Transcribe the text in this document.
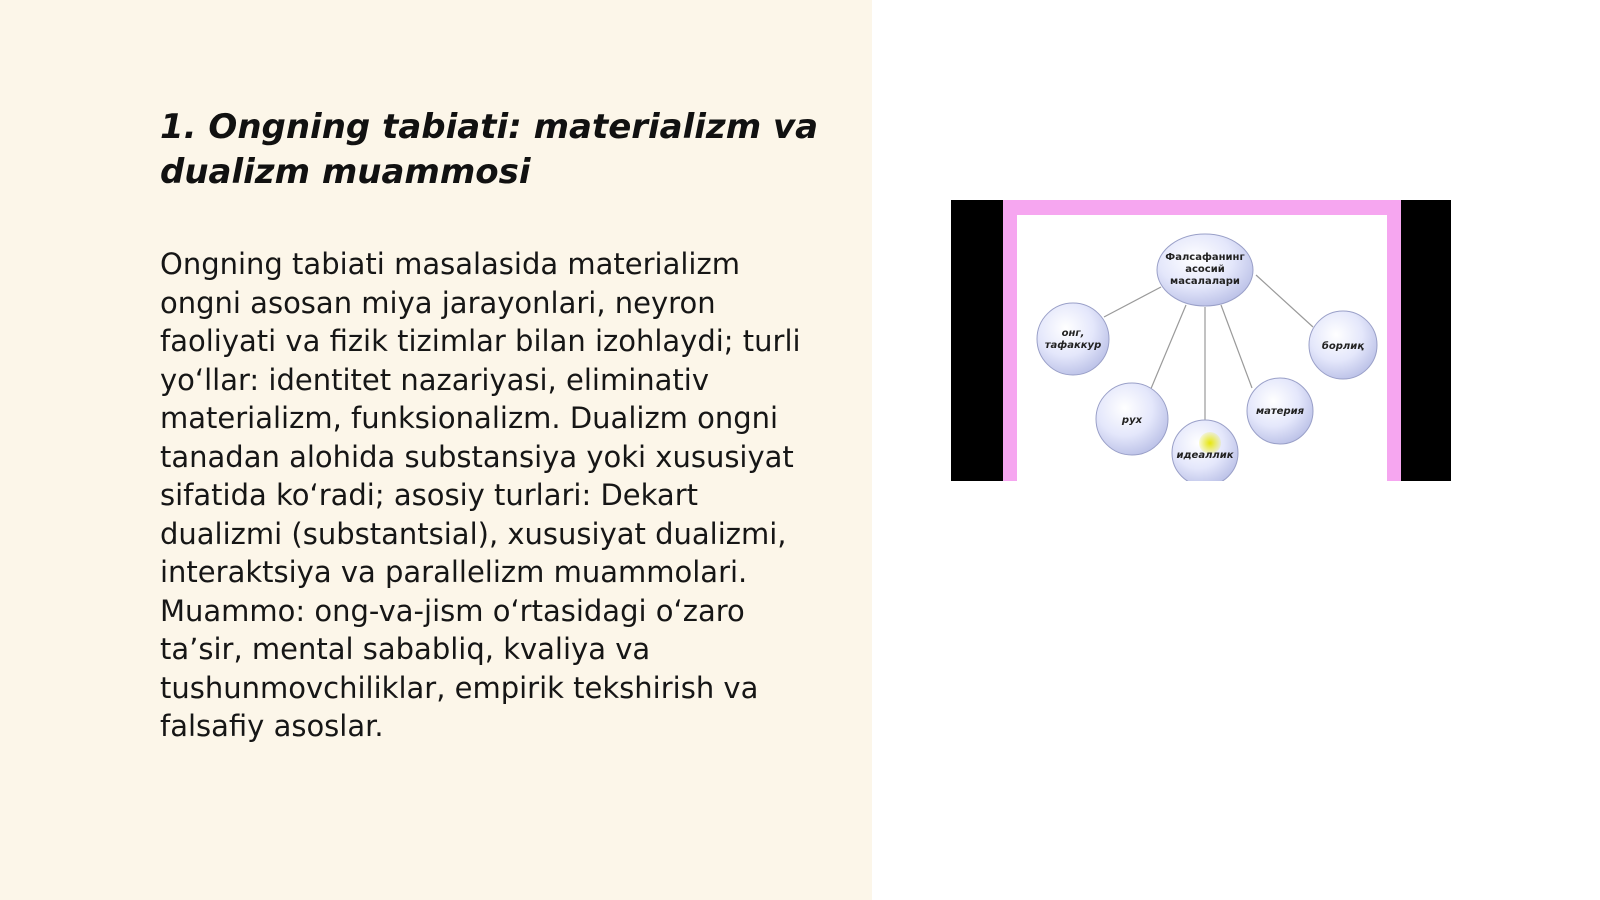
1. Ongning tabiati: materializm va dualizm muammosi

Ongning tabiati masalasida materializm ongni asosan miya jarayonlari, neyron faoliyati va fizik tizimlar bilan izohlaydi; turli yo‘llar: identitet nazariyasi, eliminativ materializm, funksionalizm. Dualizm ongni tanadan alohida substansiya yoki xususiyat sifatida ko‘radi; asosiy turlari: Dekart dualizmi (substantsial), xususiyat dualizmi, interaktsiya va parallelizm muammolari. Muammo: ong-va-jism o‘rtasidagi o‘zaro ta’sir, mental sababliq, kvaliya va tushunmovchiliklar, empirik tekshirish va falsafiy asoslar.

Фалсафанинг
асосий
масалалари
онг,
тафаккур	борлиқ
рух
материя
идеаллик
